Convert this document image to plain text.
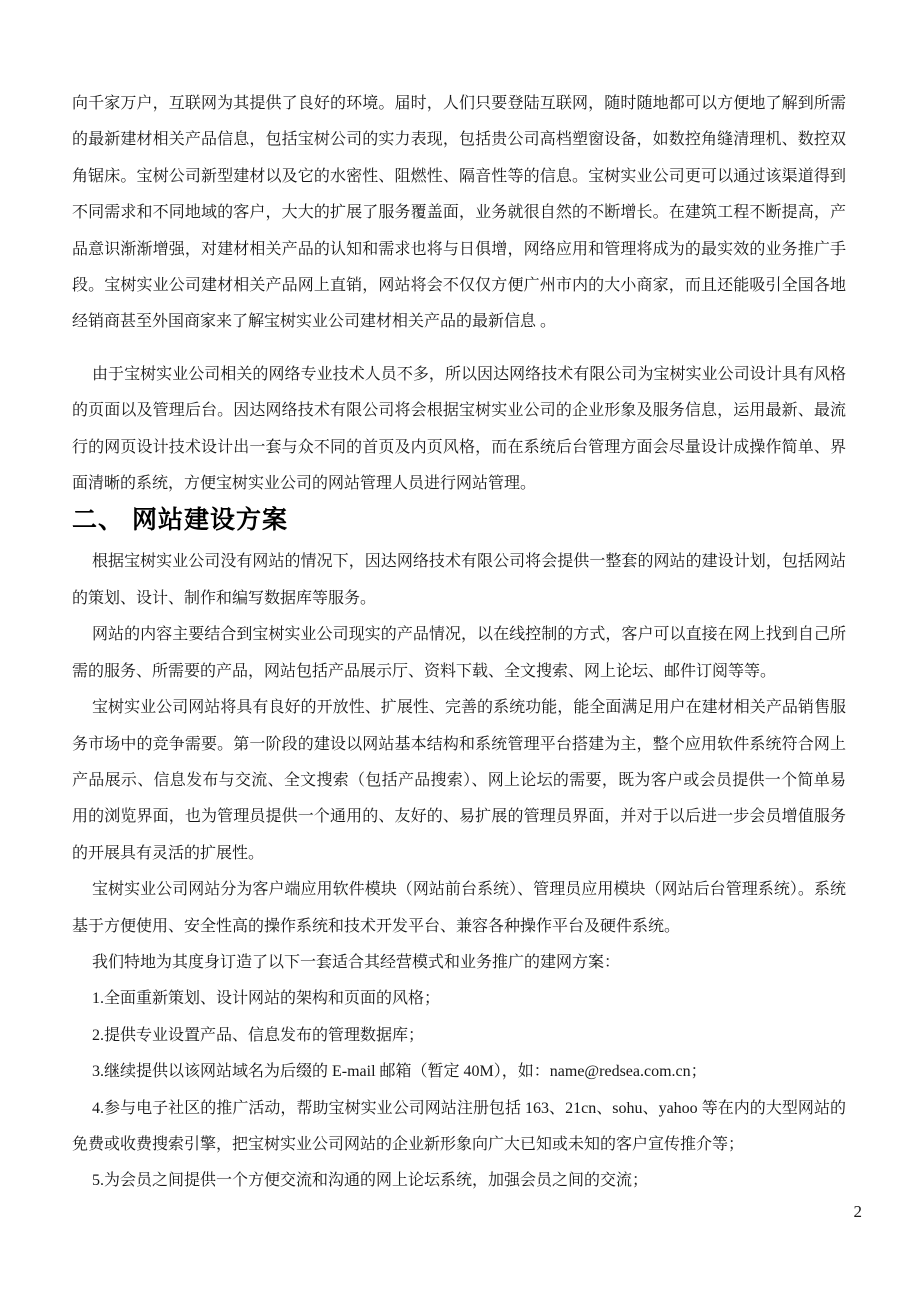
向千家万户，互联网为其提供了良好的环境。届时，人们只要登陆互联网，随时随地都可以方便地了解到所需的最新建材相关产品信息，包括宝树公司的实力表现，包括贵公司高档塑窗设备，如数控角缝清理机、数控双角锯床。宝树公司新型建材以及它的水密性、阻燃性、隔音性等的信息。宝树实业公司更可以通过该渠道得到不同需求和不同地域的客户，大大的扩展了服务覆盖面，业务就很自然的不断增长。在建筑工程不断提高，产品意识渐渐增强，对建材相关产品的认知和需求也将与日俱增，网络应用和管理将成为的最实效的业务推广手段。宝树实业公司建材相关产品网上直销，网站将会不仅仅方便广州市内的大小商家，而且还能吸引全国各地经销商甚至外国商家来了解宝树实业公司建材相关产品的最新信息 。

由于宝树实业公司相关的网络专业技术人员不多，所以因达网络技术有限公司为宝树实业公司设计具有风格的页面以及管理后台。因达网络技术有限公司将会根据宝树实业公司的企业形象及服务信息，运用最新、最流行的网页设计技术设计出一套与众不同的首页及内页风格，而在系统后台管理方面会尽量设计成操作简单、界面清晰的系统，方便宝树实业公司的网站管理人员进行网站管理。

二、 网站建设方案

根据宝树实业公司没有网站的情况下，因达网络技术有限公司将会提供一整套的网站的建设计划，包括网站的策划、设计、制作和编写数据库等服务。

网站的内容主要结合到宝树实业公司现实的产品情况，以在线控制的方式，客户可以直接在网上找到自己所需的服务、所需要的产品，网站包括产品展示厅、资料下载、全文搜索、网上论坛、邮件订阅等等。

宝树实业公司网站将具有良好的开放性、扩展性、完善的系统功能，能全面满足用户在建材相关产品销售服务市场中的竞争需要。第一阶段的建设以网站基本结构和系统管理平台搭建为主，整个应用软件系统符合网上产品展示、信息发布与交流、全文搜索（包括产品搜索）、网上论坛的需要，既为客户或会员提供一个简单易用的浏览界面，也为管理员提供一个通用的、友好的、易扩展的管理员界面，并对于以后进一步会员增值服务的开展具有灵活的扩展性。

宝树实业公司网站分为客户端应用软件模块（网站前台系统）、管理员应用模块（网站后台管理系统）。系统基于方便使用、安全性高的操作系统和技术开发平台、兼容各种操作平台及硬件系统。

我们特地为其度身订造了以下一套适合其经营模式和业务推广的建网方案：

1.全面重新策划、设计网站的架构和页面的风格；

2.提供专业设置产品、信息发布的管理数据库；

3.继续提供以该网站域名为后缀的 E-mail 邮箱（暂定 40M），如：name@redsea.com.cn；

4.参与电子社区的推广活动，帮助宝树实业公司网站注册包括 163、21cn、sohu、yahoo 等在内的大型网站的免费或收费搜索引擎，把宝树实业公司网站的企业新形象向广大已知或未知的客户宣传推介等；

5.为会员之间提供一个方便交流和沟通的网上论坛系统，加强会员之间的交流；

2
